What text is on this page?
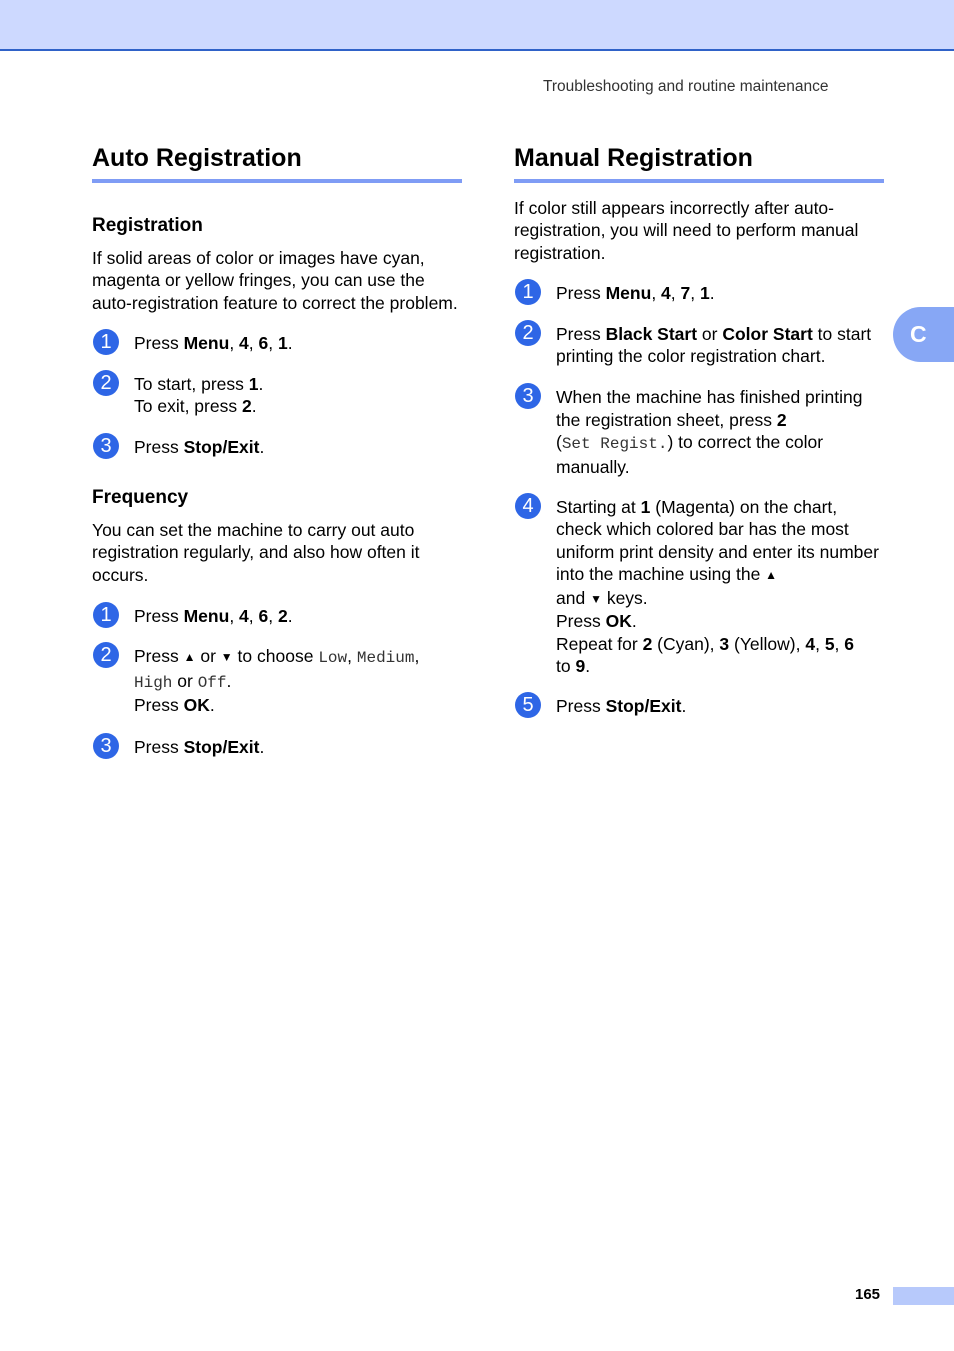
Troubleshooting and routine maintenance
Auto Registration
Registration

If solid areas of color or images have cyan, magenta or yellow fringes, you can use the auto-registration feature to correct the problem.

1	Press Menu, 4, 6, 1.
2	To start, press 1.
To exit, press 2.
3	Press Stop/Exit.
Frequency

You can set the machine to carry out auto registration regularly, and also how often it occurs.

1	Press Menu, 4, 6, 2.
2	Press ▲ or ▼ to choose Low, Medium,
High or Off.
Press OK.
3	Press Stop/Exit.
Manual Registration

If color still appears incorrectly after auto-registration, you will need to perform manual registration.

1	Press Menu, 4, 7, 1.
2	Press Black Start or Color Start to start printing the color registration chart.
3	When the machine has finished printing the registration sheet, press 2
(Set Regist.) to correct the color manually.
4	Starting at 1 (Magenta) on the chart, check which colored bar has the most uniform print density and enter its number into the machine using the ▲
and ▼ keys.
Press OK.
Repeat for 2 (Cyan), 3 (Yellow), 4, 5, 6
to 9.
5	Press Stop/Exit.
C
165
